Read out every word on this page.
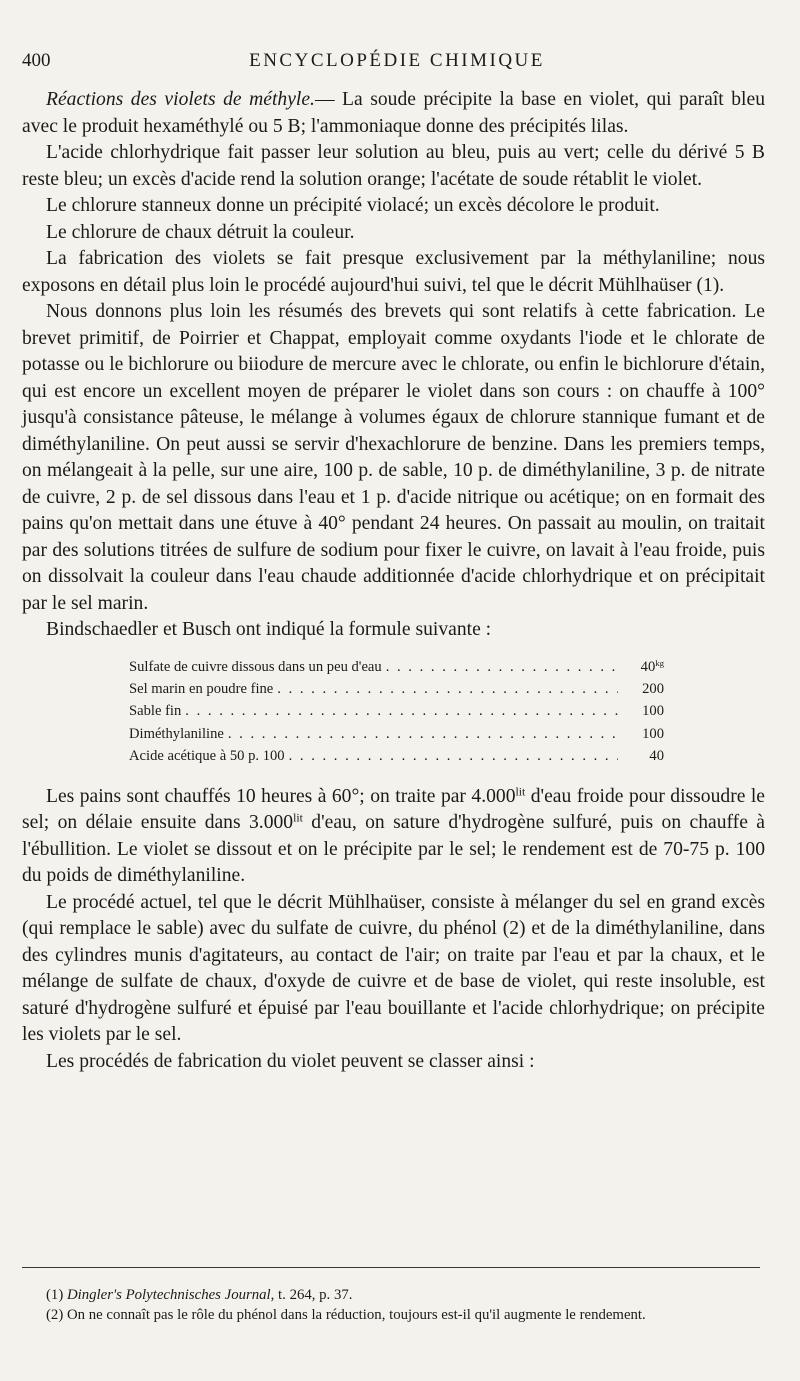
400	ENCYCLOPÉDIE CHIMIQUE

Réactions des violets de méthyle.— La soude précipite la base en violet, qui paraît bleu avec le produit hexaméthylé ou 5 B; l'ammoniaque donne des précipités lilas.

L'acide chlorhydrique fait passer leur solution au bleu, puis au vert; celle du dérivé 5 B reste bleu; un excès d'acide rend la solution orange; l'acétate de soude rétablit le violet.

Le chlorure stanneux donne un précipité violacé; un excès décolore le produit.

Le chlorure de chaux détruit la couleur.

La fabrication des violets se fait presque exclusivement par la méthylaniline; nous exposons en détail plus loin le procédé aujourd'hui suivi, tel que le décrit Mühlhaüser (1).

Nous donnons plus loin les résumés des brevets qui sont relatifs à cette fabrication. Le brevet primitif, de Poirrier et Chappat, employait comme oxydants l'iode et le chlorate de potasse ou le bichlorure ou biiodure de mercure avec le chlorate, ou enfin le bichlorure d'étain, qui est encore un excellent moyen de préparer le violet dans son cours : on chauffe à 100° jusqu'à consistance pâteuse, le mélange à volumes égaux de chlorure stannique fumant et de diméthylaniline. On peut aussi se servir d'hexachlorure de benzine. Dans les premiers temps, on mélangeait à la pelle, sur une aire, 100 p. de sable, 10 p. de diméthylaniline, 3 p. de nitrate de cuivre, 2 p. de sel dissous dans l'eau et 1 p. d'acide nitrique ou acétique; on en formait des pains qu'on mettait dans une étuve à 40° pendant 24 heures. On passait au moulin, on traitait par des solutions titrées de sulfure de sodium pour fixer le cuivre, on lavait à l'eau froide, puis on dissolvait la couleur dans l'eau chaude additionnée d'acide chlorhydrique et on précipitait par le sel marin.

Bindschaedler et Busch ont indiqué la formule suivante :

Sulfate de cuivre dissous dans un peu d'eau . . .	$40^{kg}$
Sel marin en poudre fine . . .	200
Sable fin . . .	100
Diméthylaniline . . .	100
Acide acétique à 50 p. 100 . . .	40

Les pains sont chauffés 10 heures à 60°; on traite par $4.000^{lit}$ d'eau froide pour dissoudre le sel; on délaie ensuite dans $3.000^{lit}$ d'eau, on sature d'hydrogène sulfuré, puis on chauffe à l'ébullition. Le violet se dissout et on le précipite par le sel; le rendement est de 70-75 p. 100 du poids de diméthylaniline.

Le procédé actuel, tel que le décrit Mühlhaüser, consiste à mélanger du sel en grand excès (qui remplace le sable) avec du sulfate de cuivre, du phénol (2) et de la diméthylaniline, dans des cylindres munis d'agitateurs, au contact de l'air; on traite par l'eau et par la chaux, et le mélange de sulfate de chaux, d'oxyde de cuivre et de base de violet, qui reste insoluble, est saturé d'hydrogène sulfuré et épuisé par l'eau bouillante et l'acide chlorhydrique; on précipite les violets par le sel.

Les procédés de fabrication du violet peuvent se classer ainsi :

(1) Dingler's Polytechnisches Journal, t. 264, p. 37.

(2) On ne connaît pas le rôle du phénol dans la réduction, toujours est-il qu'il augmente le rendement.
